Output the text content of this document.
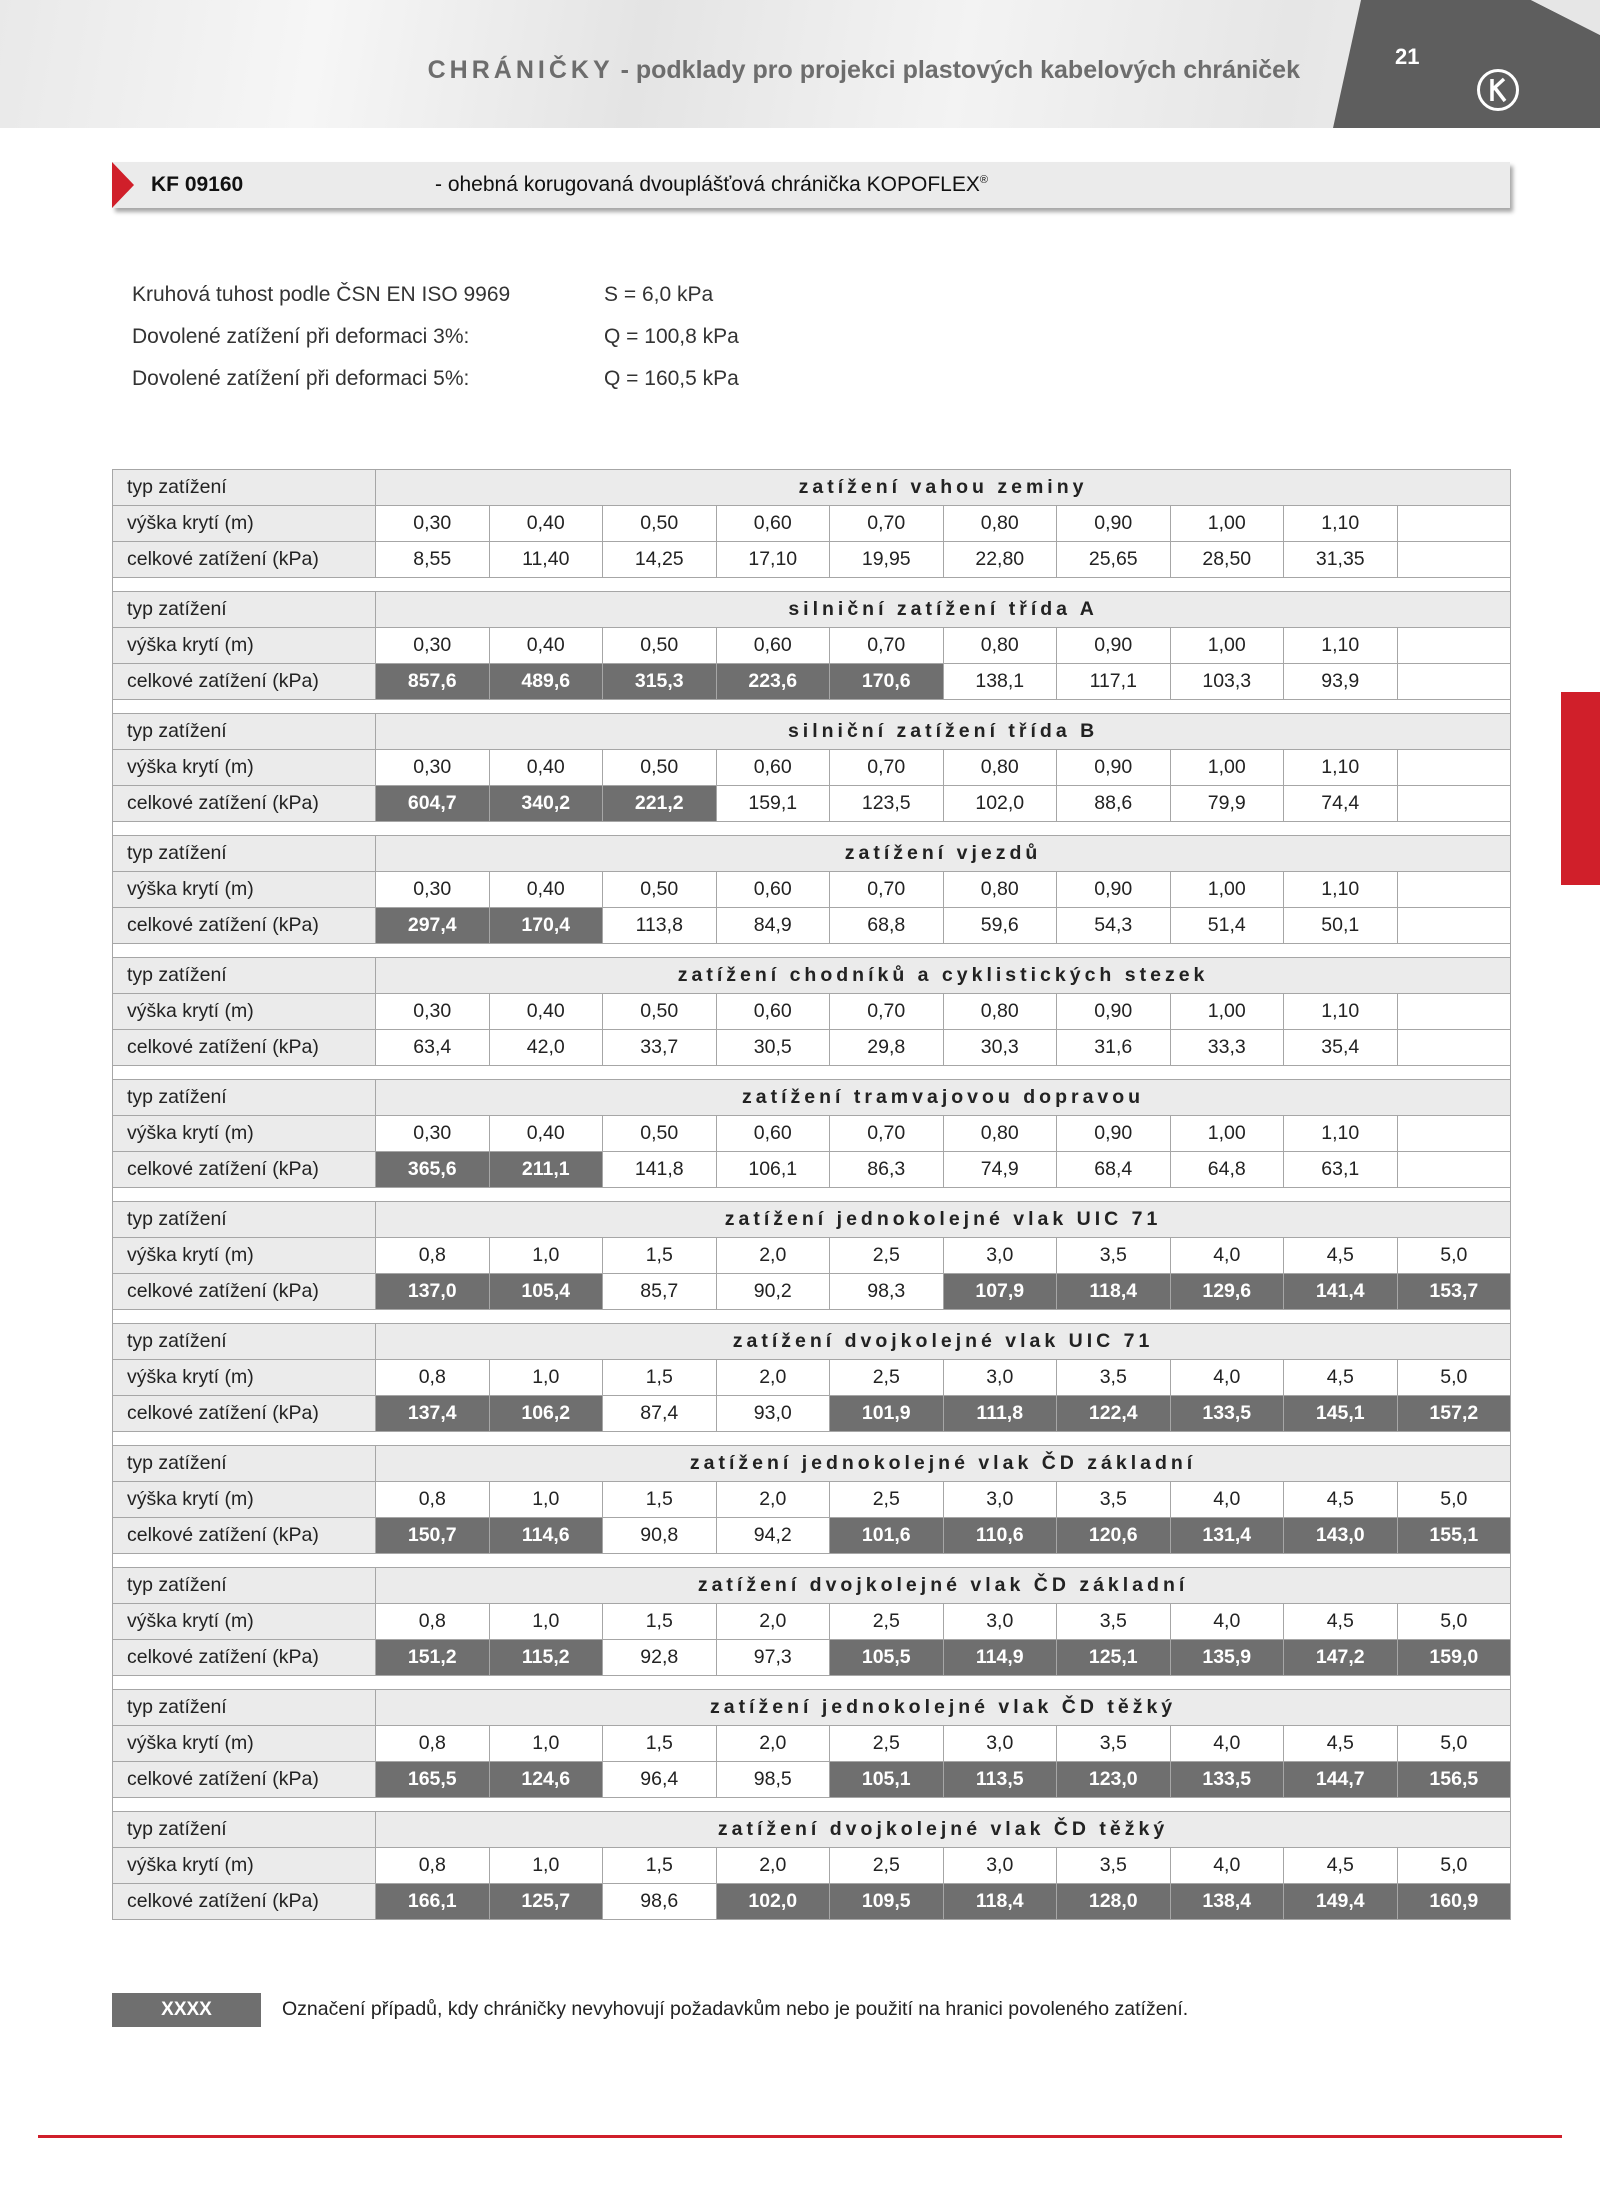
CHRÁNIČKY - podklady pro projekci plastových kabelových chrániček	21
KF 09160	- ohebná korugovaná dvouplášťová chránička KOPOFLEX®
Kruhová tuhost podle ČSN EN ISO 9969	S = 6,0 kPa
Dovolené zatížení při deformaci 3%:	Q = 100,8 kPa
Dovolené zatížení při deformaci 5%:	Q = 160,5 kPa
typ zatížení	zatížení vahou zeminy									
výška krytí (m)	0,30	0,40	0,50	0,60	0,70	0,80	0,90	1,00	1,10	
celkové zatížení (kPa)	8,55	11,40	14,25	17,10	19,95	22,80	25,65	28,50	31,35	

typ zatížení	silniční zatížení třída A									
výška krytí (m)	0,30	0,40	0,50	0,60	0,70	0,80	0,90	1,00	1,10	
celkové zatížení (kPa)	857,6	489,6	315,3	223,6	170,6	138,1	117,1	103,3	93,9	

typ zatížení	silniční zatížení třída B									
výška krytí (m)	0,30	0,40	0,50	0,60	0,70	0,80	0,90	1,00	1,10	
celkové zatížení (kPa)	604,7	340,2	221,2	159,1	123,5	102,0	88,6	79,9	74,4	

typ zatížení	zatížení vjezdů									
výška krytí (m)	0,30	0,40	0,50	0,60	0,70	0,80	0,90	1,00	1,10	
celkové zatížení (kPa)	297,4	170,4	113,8	84,9	68,8	59,6	54,3	51,4	50,1	

typ zatížení	zatížení chodníků a cyklistických stezek									
výška krytí (m)	0,30	0,40	0,50	0,60	0,70	0,80	0,90	1,00	1,10	
celkové zatížení (kPa)	63,4	42,0	33,7	30,5	29,8	30,3	31,6	33,3	35,4	

typ zatížení	zatížení tramvajovou dopravou									
výška krytí (m)	0,30	0,40	0,50	0,60	0,70	0,80	0,90	1,00	1,10	
celkové zatížení (kPa)	365,6	211,1	141,8	106,1	86,3	74,9	68,4	64,8	63,1	

typ zatížení	zatížení jednokolejné vlak UIC 71									
výška krytí (m)	0,8	1,0	1,5	2,0	2,5	3,0	3,5	4,0	4,5	5,0
celkové zatížení (kPa)	137,0	105,4	85,7	90,2	98,3	107,9	118,4	129,6	141,4	153,7

typ zatížení	zatížení dvojkolejné vlak UIC 71									
výška krytí (m)	0,8	1,0	1,5	2,0	2,5	3,0	3,5	4,0	4,5	5,0
celkové zatížení (kPa)	137,4	106,2	87,4	93,0	101,9	111,8	122,4	133,5	145,1	157,2

typ zatížení	zatížení jednokolejné vlak ČD základní									
výška krytí (m)	0,8	1,0	1,5	2,0	2,5	3,0	3,5	4,0	4,5	5,0
celkové zatížení (kPa)	150,7	114,6	90,8	94,2	101,6	110,6	120,6	131,4	143,0	155,1

typ zatížení	zatížení dvojkolejné vlak ČD základní									
výška krytí (m)	0,8	1,0	1,5	2,0	2,5	3,0	3,5	4,0	4,5	5,0
celkové zatížení (kPa)	151,2	115,2	92,8	97,3	105,5	114,9	125,1	135,9	147,2	159,0

typ zatížení	zatížení jednokolejné vlak ČD těžký									
výška krytí (m)	0,8	1,0	1,5	2,0	2,5	3,0	3,5	4,0	4,5	5,0
celkové zatížení (kPa)	165,5	124,6	96,4	98,5	105,1	113,5	123,0	133,5	144,7	156,5

typ zatížení	zatížení dvojkolejné vlak ČD těžký									
výška krytí (m)	0,8	1,0	1,5	2,0	2,5	3,0	3,5	4,0	4,5	5,0
celkové zatížení (kPa)	166,1	125,7	98,6	102,0	109,5	118,4	128,0	138,4	149,4	160,9
XXXX	Označení případů, kdy chráničky nevyhovují požadavkům nebo je použití na hranici povoleného zatížení.
